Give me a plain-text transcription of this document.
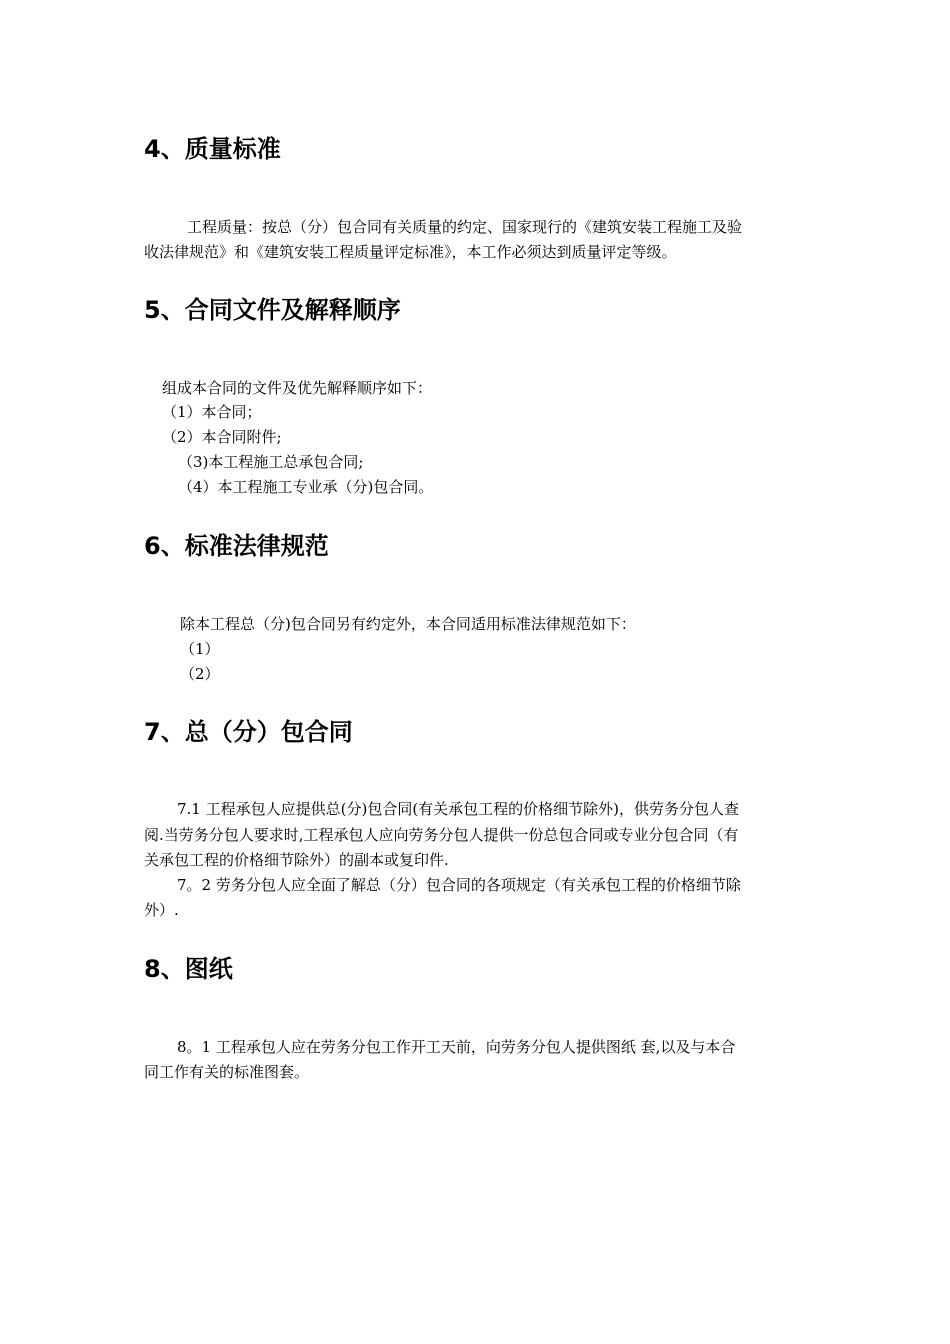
4、质量标准
工程质量：按总（分）包合同有关质量的约定、国家现行的《建筑安装工程施工及验
收法律规范》和《建筑安装工程质量评定标准》，本工作必须达到质量评定等级。
5、合同文件及解释顺序
组成本合同的文件及优先解释顺序如下：
（1）本合同；
（2）本合同附件;
（3)本工程施工总承包合同;
（4）本工程施工专业承（分)包合同。
6、标准法律规范
除本工程总（分)包合同另有约定外，本合同适用标准法律规范如下：
（1）
（2）
7、总（分）包合同
7.1 工程承包人应提供总(分)包合同(有关承包工程的价格细节除外)，供劳务分包人查
阅.当劳务分包人要求时,工程承包人应向劳务分包人提供一份总包合同或专业分包合同（有
关承包工程的价格细节除外）的副本或复印件.
7。2 劳务分包人应全面了解总（分）包合同的各项规定（有关承包工程的价格细节除
外）.
8、图纸
8。1 工程承包人应在劳务分包工作开工天前，向劳务分包人提供图纸 套,以及与本合
同工作有关的标准图套。
